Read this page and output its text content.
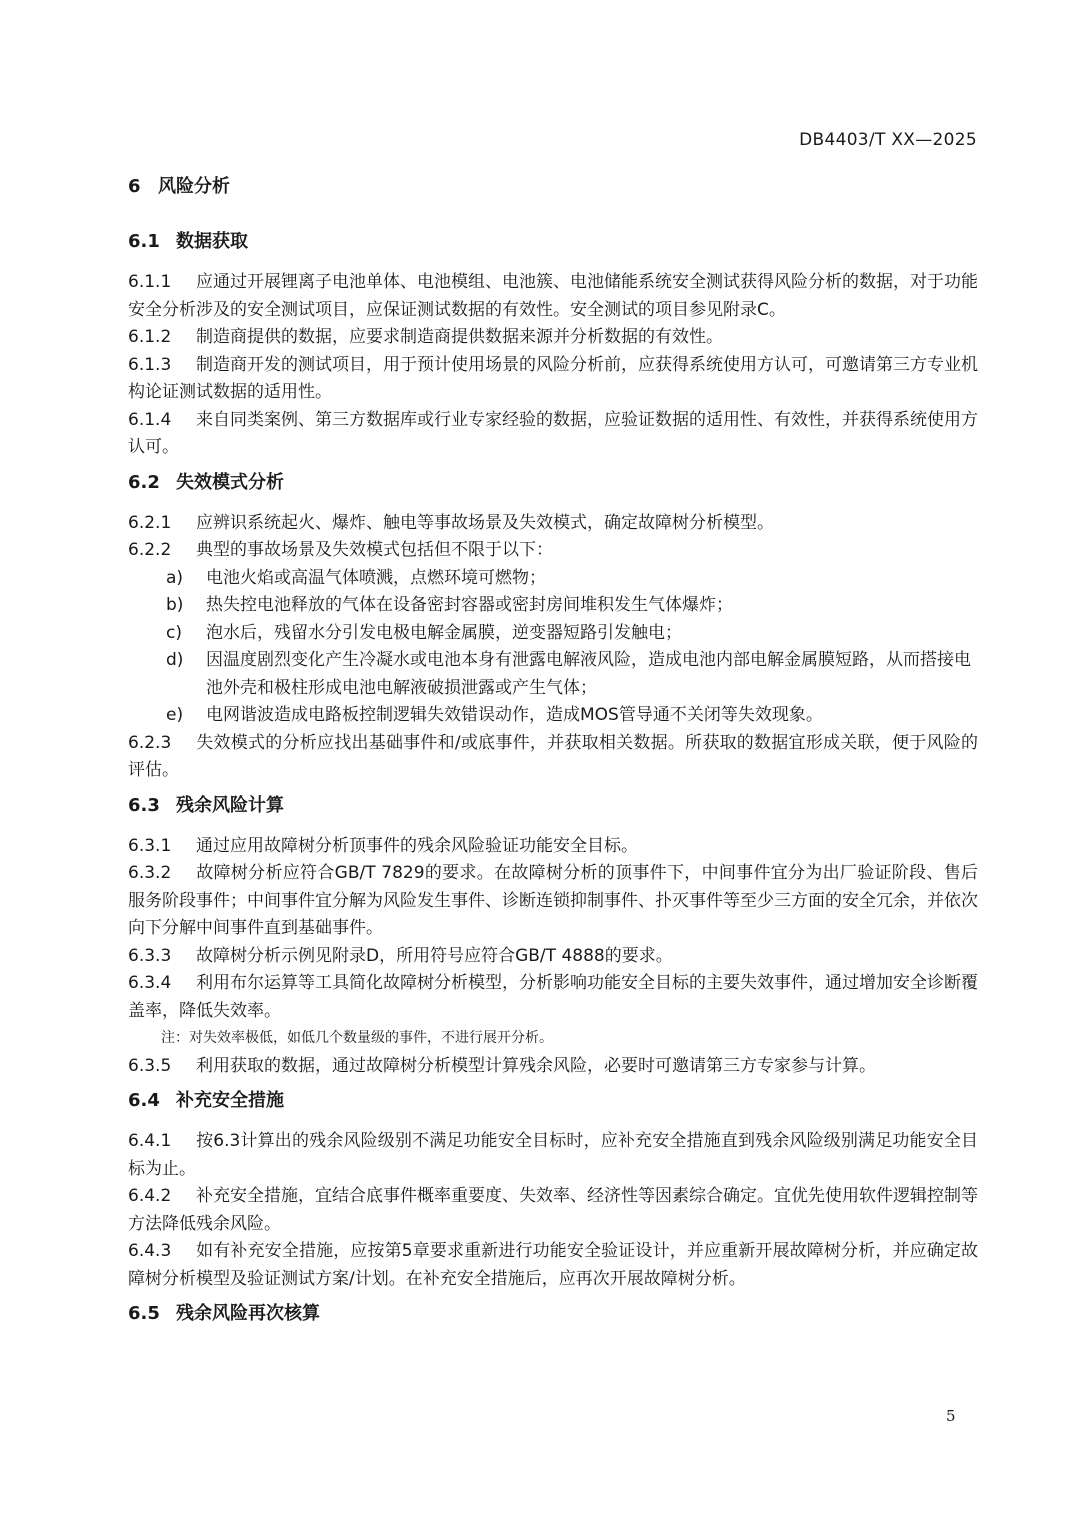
DB4403/T XX—2025
6 风险分析
6.1 数据获取

6.1.1 应通过开展锂离子电池单体、电池模组、电池簇、电池储能系统安全测试获得风险分析的数据，对于功能安全分析涉及的安全测试项目，应保证测试数据的有效性。安全测试的项目参见附录C。

6.1.2 制造商提供的数据，应要求制造商提供数据来源并分析数据的有效性。

6.1.3 制造商开发的测试项目，用于预计使用场景的风险分析前，应获得系统使用方认可，可邀请第三方专业机构论证测试数据的适用性。

6.1.4 来自同类案例、第三方数据库或行业专家经验的数据，应验证数据的适用性、有效性，并获得系统使用方认可。

6.2 失效模式分析

6.2.1 应辨识系统起火、爆炸、触电等事故场景及失效模式，确定故障树分析模型。

6.2.2 典型的事故场景及失效模式包括但不限于以下：

a) 电池火焰或高温气体喷溅，点燃环境可燃物；

b) 热失控电池释放的气体在设备密封容器或密封房间堆积发生气体爆炸；

c) 泡水后，残留水分引发电极电解金属膜，逆变器短路引发触电；

d) 因温度剧烈变化产生冷凝水或电池本身有泄露电解液风险，造成电池内部电解金属膜短路，从而搭接电池外壳和极柱形成电池电解液破损泄露或产生气体；

e) 电网谐波造成电路板控制逻辑失效错误动作，造成MOS管导通不关闭等失效现象。

6.2.3 失效模式的分析应找出基础事件和/或底事件，并获取相关数据。所获取的数据宜形成关联，便于风险的评估。

6.3 残余风险计算

6.3.1 通过应用故障树分析顶事件的残余风险验证功能安全目标。

6.3.2 故障树分析应符合GB/T 7829的要求。在故障树分析的顶事件下，中间事件宜分为出厂验证阶段、售后服务阶段事件；中间事件宜分解为风险发生事件、诊断连锁抑制事件、扑灭事件等至少三方面的安全冗余，并依次向下分解中间事件直到基础事件。

6.3.3 故障树分析示例见附录D，所用符号应符合GB/T 4888的要求。

6.3.4 利用布尔运算等工具简化故障树分析模型，分析影响功能安全目标的主要失效事件，通过增加安全诊断覆盖率，降低失效率。

注：对失效率极低，如低几个数量级的事件，不进行展开分析。

6.3.5 利用获取的数据，通过故障树分析模型计算残余风险，必要时可邀请第三方专家参与计算。

6.4 补充安全措施

6.4.1 按6.3计算出的残余风险级别不满足功能安全目标时，应补充安全措施直到残余风险级别满足功能安全目标为止。

6.4.2 补充安全措施，宜结合底事件概率重要度、失效率、经济性等因素综合确定。宜优先使用软件逻辑控制等方法降低残余风险。

6.4.3 如有补充安全措施，应按第5章要求重新进行功能安全验证设计，并应重新开展故障树分析，并应确定故障树分析模型及验证测试方案/计划。在补充安全措施后，应再次开展故障树分析。

6.5 残余风险再次核算
5
